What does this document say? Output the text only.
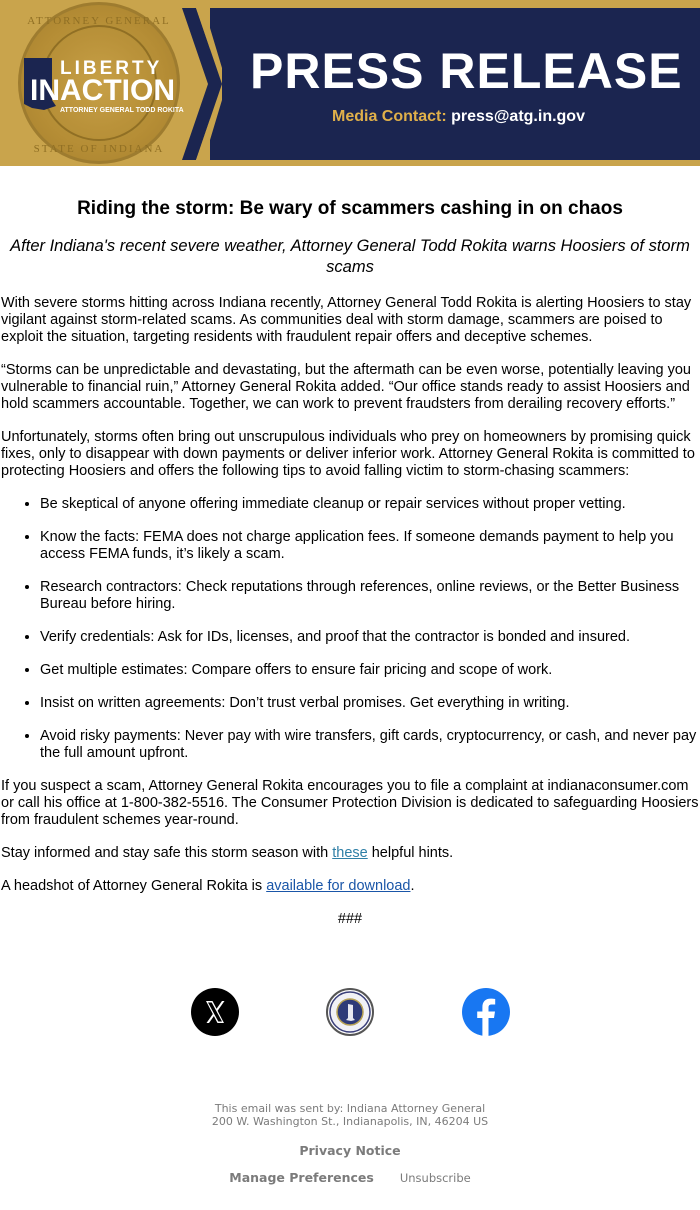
ATTORNEY GENERAL
STATE OF INDIANA
LIBERTY
INACTION
ATTORNEY GENERAL TODD ROKITA
PRESS RELEASE
Media Contact: press@atg.in.gov
Riding the storm: Be wary of scammers cashing in on chaos
After Indiana's recent severe weather, Attorney General Todd Rokita warns Hoosiers of storm scams

With severe storms hitting across Indiana recently, Attorney General Todd Rokita is alerting Hoosiers to stay vigilant against storm-related scams. As communities deal with storm damage, scammers are poised to exploit the situation, targeting residents with fraudulent repair offers and deceptive schemes.

“Storms can be unpredictable and devastating, but the aftermath can be even worse, potentially leaving you vulnerable to financial ruin,” Attorney General Rokita added. “Our office stands ready to assist Hoosiers and hold scammers accountable. Together, we can work to prevent fraudsters from derailing recovery efforts.”

Unfortunately, storms often bring out unscrupulous individuals who prey on homeowners by promising quick fixes, only to disappear with down payments or deliver inferior work. Attorney General Rokita is committed to protecting Hoosiers and offers the following tips to avoid falling victim to storm-chasing scammers:

• Be skeptical of anyone offering immediate cleanup or repair services without proper vetting.
• Know the facts: FEMA does not charge application fees. If someone demands payment to help you access FEMA funds, it’s likely a scam.
• Research contractors: Check reputations through references, online reviews, or the Better Business Bureau before hiring.
• Verify credentials: Ask for IDs, licenses, and proof that the contractor is bonded and insured.
• Get multiple estimates: Compare offers to ensure fair pricing and scope of work.
• Insist on written agreements: Don’t trust verbal promises. Get everything in writing.
• Avoid risky payments: Never pay with wire transfers, gift cards, cryptocurrency, or cash, and never pay the full amount upfront.

If you suspect a scam, Attorney General Rokita encourages you to file a complaint at indianaconsumer.com or call his office at 1-800-382-5516. The Consumer Protection Division is dedicated to safeguarding Hoosiers from fraudulent schemes year-round.

Stay informed and stay safe this storm season with these helpful hints.

A headshot of Attorney General Rokita is available for download.

###
This email was sent by: Indiana Attorney General
200 W. Washington St., Indianapolis, IN, 46204 US
Privacy Notice
Manage Preferences Unsubscribe
